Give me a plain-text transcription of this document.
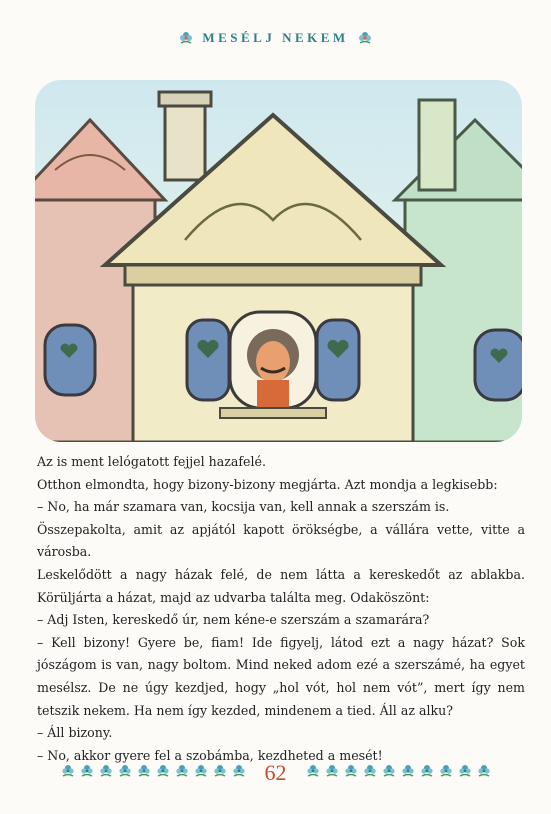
MESÉLJ NEKEM

Az is ment lelógatott fejjel hazafelé.

Otthon elmondta, hogy bizony-bizony megjárta. Azt mondja a legkisebb:

– No, ha már szamara van, kocsija van, kell annak a szerszám is.

Összepakolta, amit az apjától kapott örökségbe, a vállára vette, vitte a városba.

Leskelődött a nagy házak felé, de nem látta a kereskedőt az ablakba. Körüljárta a házat, majd az udvarba találta meg. Odaköszönt:

– Adj Isten, kereskedő úr, nem kéne-e szerszám a szamarára?

– Kell bizony! Gyere be, fiam! Ide figyelj, látod ezt a nagy házat? Sok jószágom is van, nagy boltom. Mind neked adom ezé a szerszámé, ha egyet mesélsz. De ne úgy kezdjed, hogy „hol vót, hol nem vót”, mert így nem tetszik nekem. Ha nem így kezded, mindenem a tied. Áll az alku?

– Áll bizony.

– No, akkor gyere fel a szobámba, kezdheted a mesét!

62
